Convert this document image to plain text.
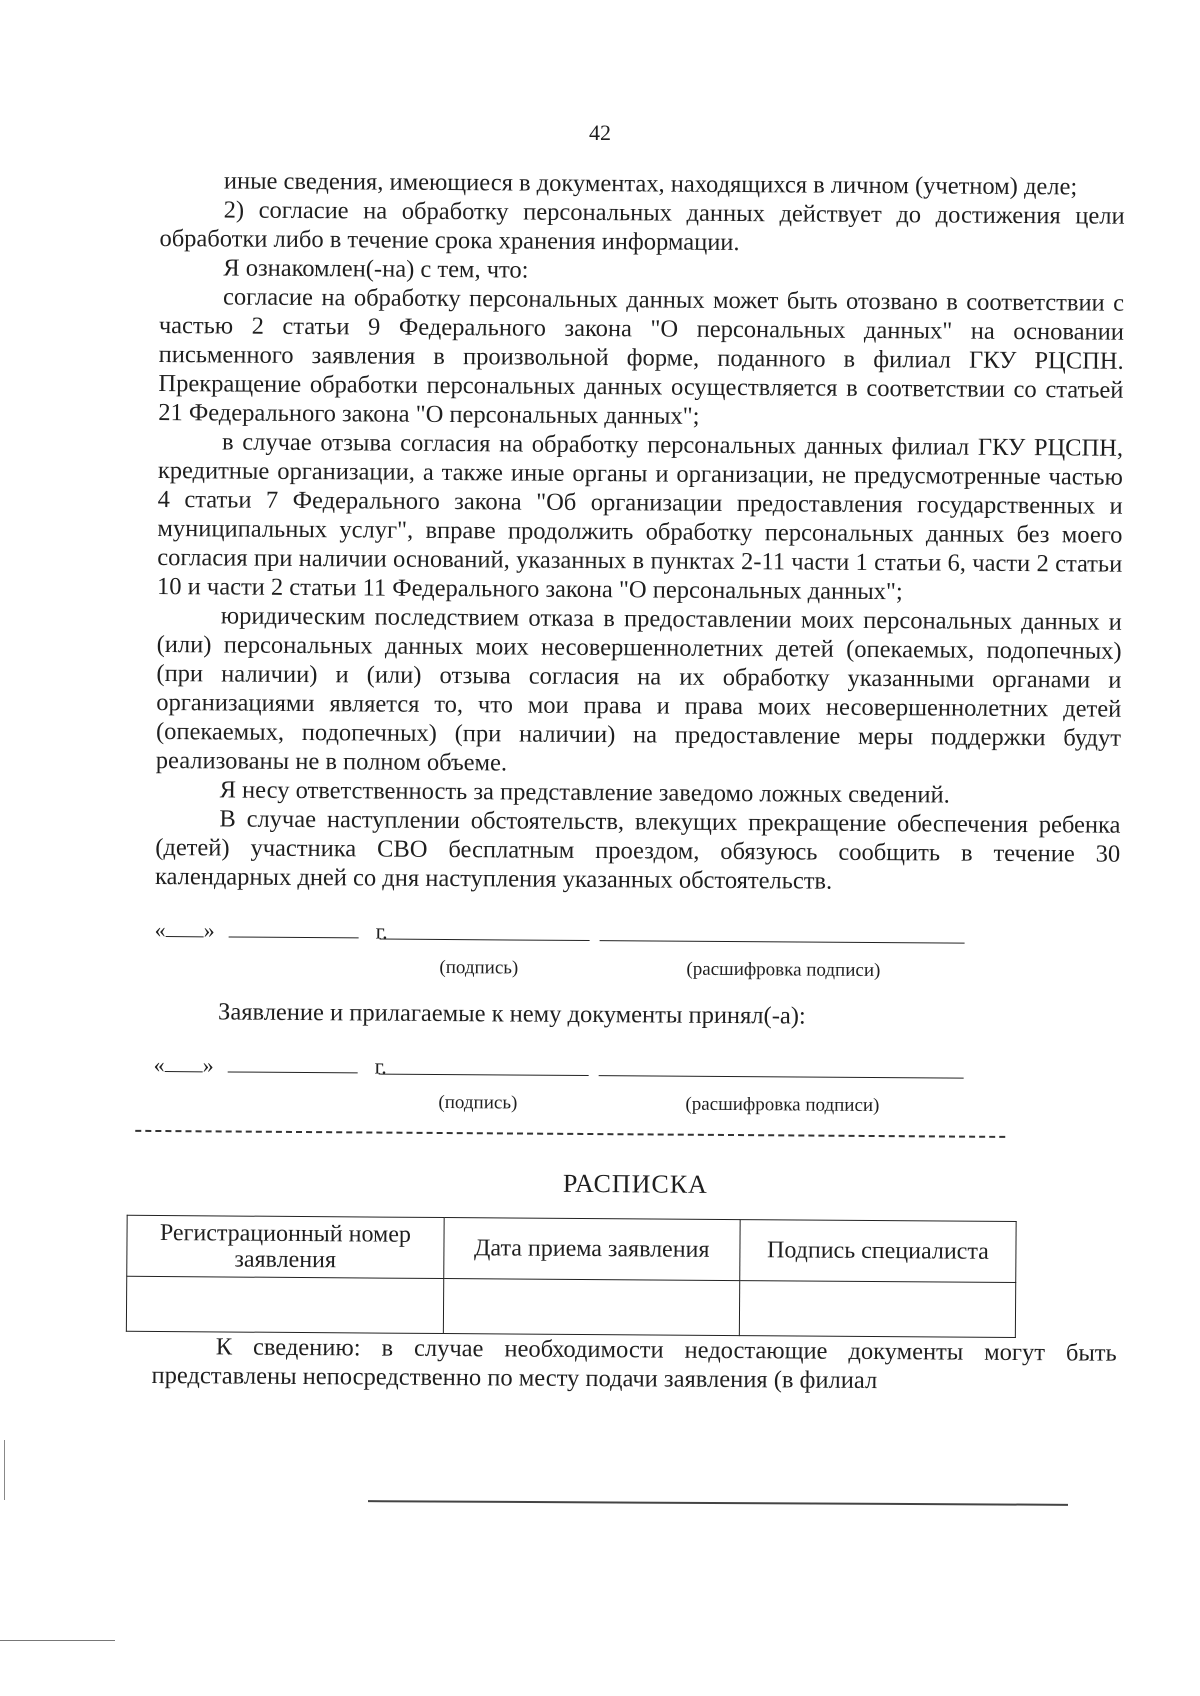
42

иные сведения, имеющиеся в документах, находящихся в личном (учетном) деле;

2) согласие на обработку персональных данных действует до достижения цели обработки либо в течение срока хранения информации.

Я ознакомлен(-на) с тем, что:

согласие на обработку персональных данных может быть отозвано в соответствии с частью 2 статьи 9 Федерального закона "О персональных данных" на основании письменного заявления в произвольной форме, поданного в филиал ГКУ РЦСПН. Прекращение обработки персональных данных осуществляется в соответствии со статьей 21 Федерального закона "О персональных данных";

в случае отзыва согласия на обработку персональных данных филиал ГКУ РЦСПН, кредитные организации, а также иные органы и организации, не предусмотренные частью 4 статьи 7 Федерального закона "Об организации предоставления государственных и муниципальных услуг", вправе продолжить обработку персональных данных без моего согласия при наличии оснований, указанных в пунктах 2-11 части 1 статьи 6, части 2 статьи 10 и части 2 статьи 11 Федерального закона "О персональных данных";

юридическим последствием отказа в предоставлении моих персональных данных и (или) персональных данных моих несовершеннолетних детей (опекаемых, подопечных) (при наличии) и (или) отзыва согласия на их обработку указанными органами и организациями является то, что мои права и права моих несовершеннолетних детей (опекаемых, подопечных) (при наличии) на предоставление меры поддержки будут реализованы не в полном объеме.

Я несу ответственность за представление заведомо ложных сведений.

В случае наступлении обстоятельств, влекущих прекращение обеспечения ребенка (детей) участника СВО бесплатным проездом, обязуюсь сообщить в течение 30 календарных дней со дня наступления указанных обстоятельств.

« »	г.
(подпись)	(расшифровка подписи)
Заявление и прилагаемые к нему документы принял(-а):
« »	г.
(подпись)	(расшифровка подписи)
РАСПИСКА
Регистрационный номер заявления	Дата приема заявления	Подпись специалиста

К сведению: в случае необходимости недостающие документы могут быть представлены непосредственно по месту подачи заявления (в филиал
